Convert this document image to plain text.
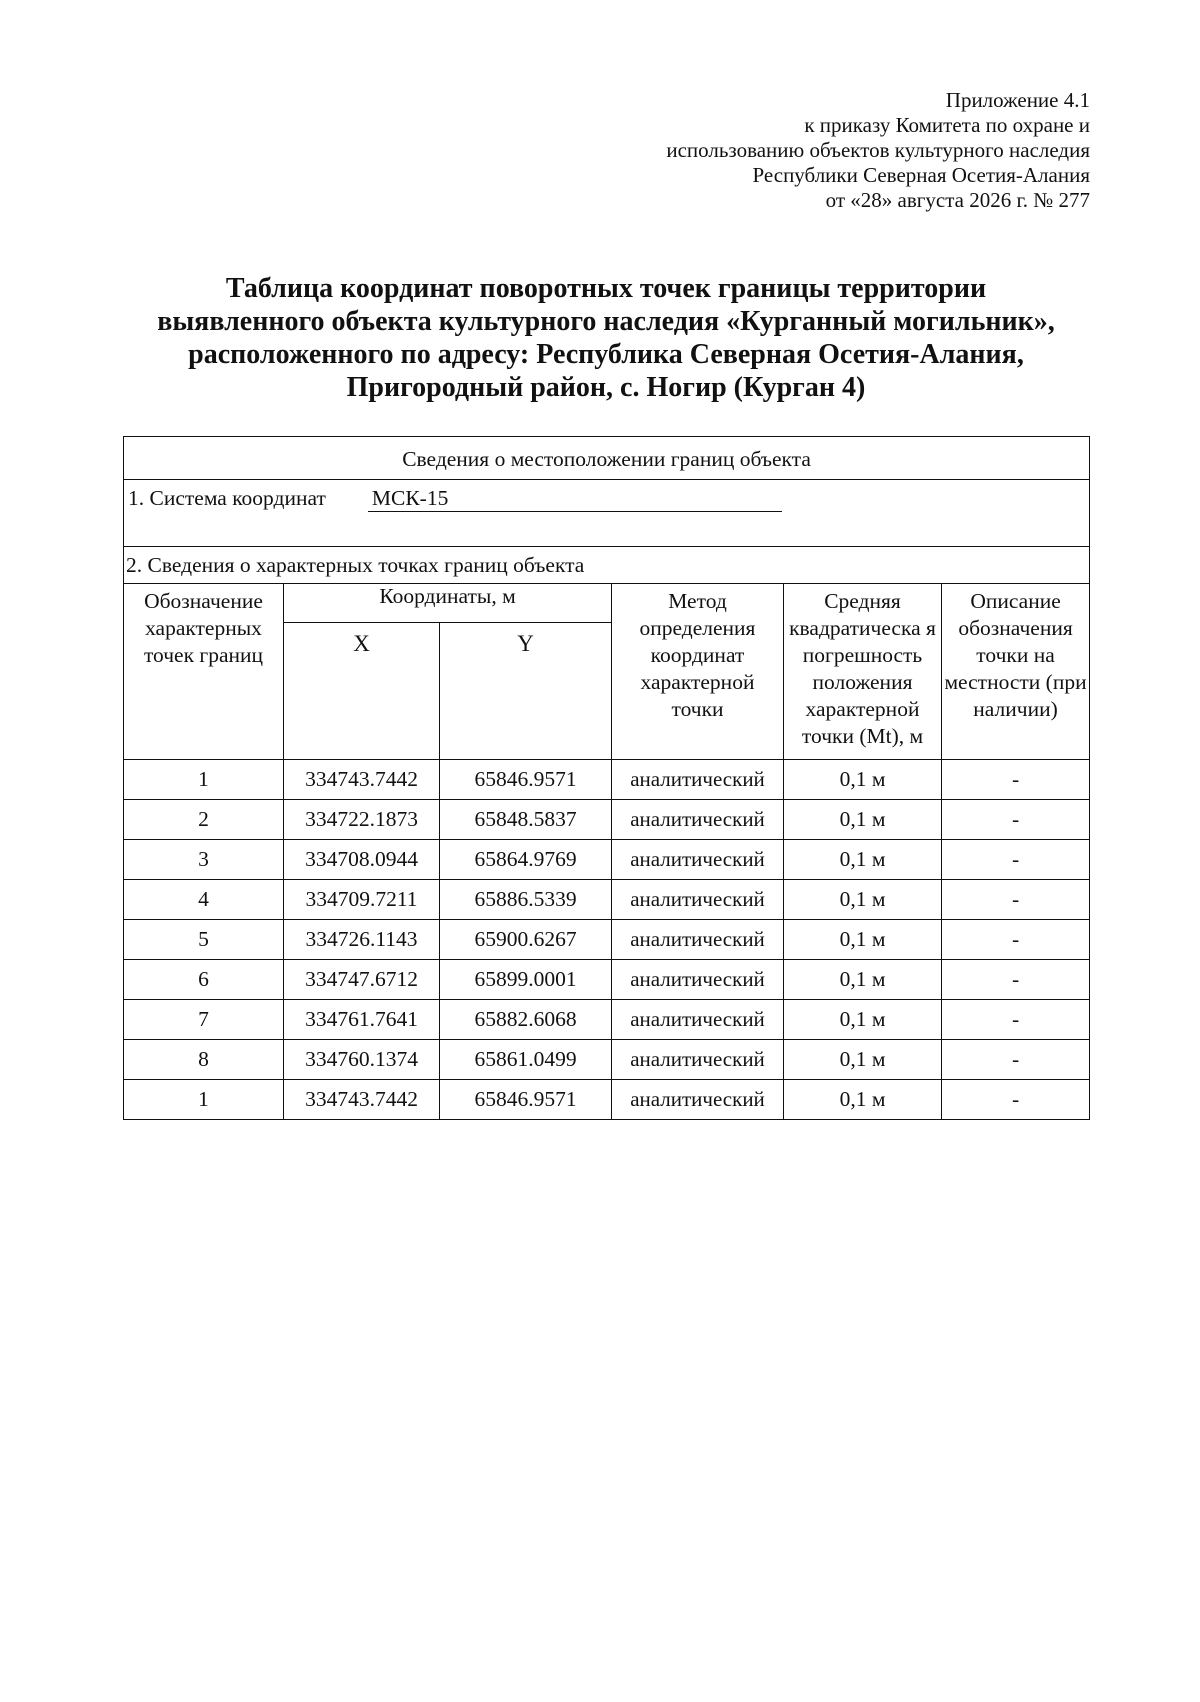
Приложение 4.1
к приказу Комитета по охране и
использованию объектов культурного наследия
Республики Северная Осетия-Алания
от «28» августа 2026 г. № 277
Таблица координат поворотных точек границы территории
выявленного объекта культурного наследия «Курганный могильник»,
расположенного по адресу: Республика Северная Осетия-Алания,
Пригородный район, с. Ногир (Курган 4)
Сведения о местоположении границ объекта					
1. Система координат МСК-15					
2. Сведения о характерных точках границ объекта					
Обозначение характерных точек границ	Координаты, м		Метод определения координат характерной точки	Средняя квадратическа я погрешность положения характерной точки (Mt), м	Описание обозначения точки на местности (при наличии)
	X	Y			
1	334743.7442	65846.9571	аналитический	0,1 м	-
2	334722.1873	65848.5837	аналитический	0,1 м	-
3	334708.0944	65864.9769	аналитический	0,1 м	-
4	334709.7211	65886.5339	аналитический	0,1 м	-
5	334726.1143	65900.6267	аналитический	0,1 м	-
6	334747.6712	65899.0001	аналитический	0,1 м	-
7	334761.7641	65882.6068	аналитический	0,1 м	-
8	334760.1374	65861.0499	аналитический	0,1 м	-
1	334743.7442	65846.9571	аналитический	0,1 м	-
